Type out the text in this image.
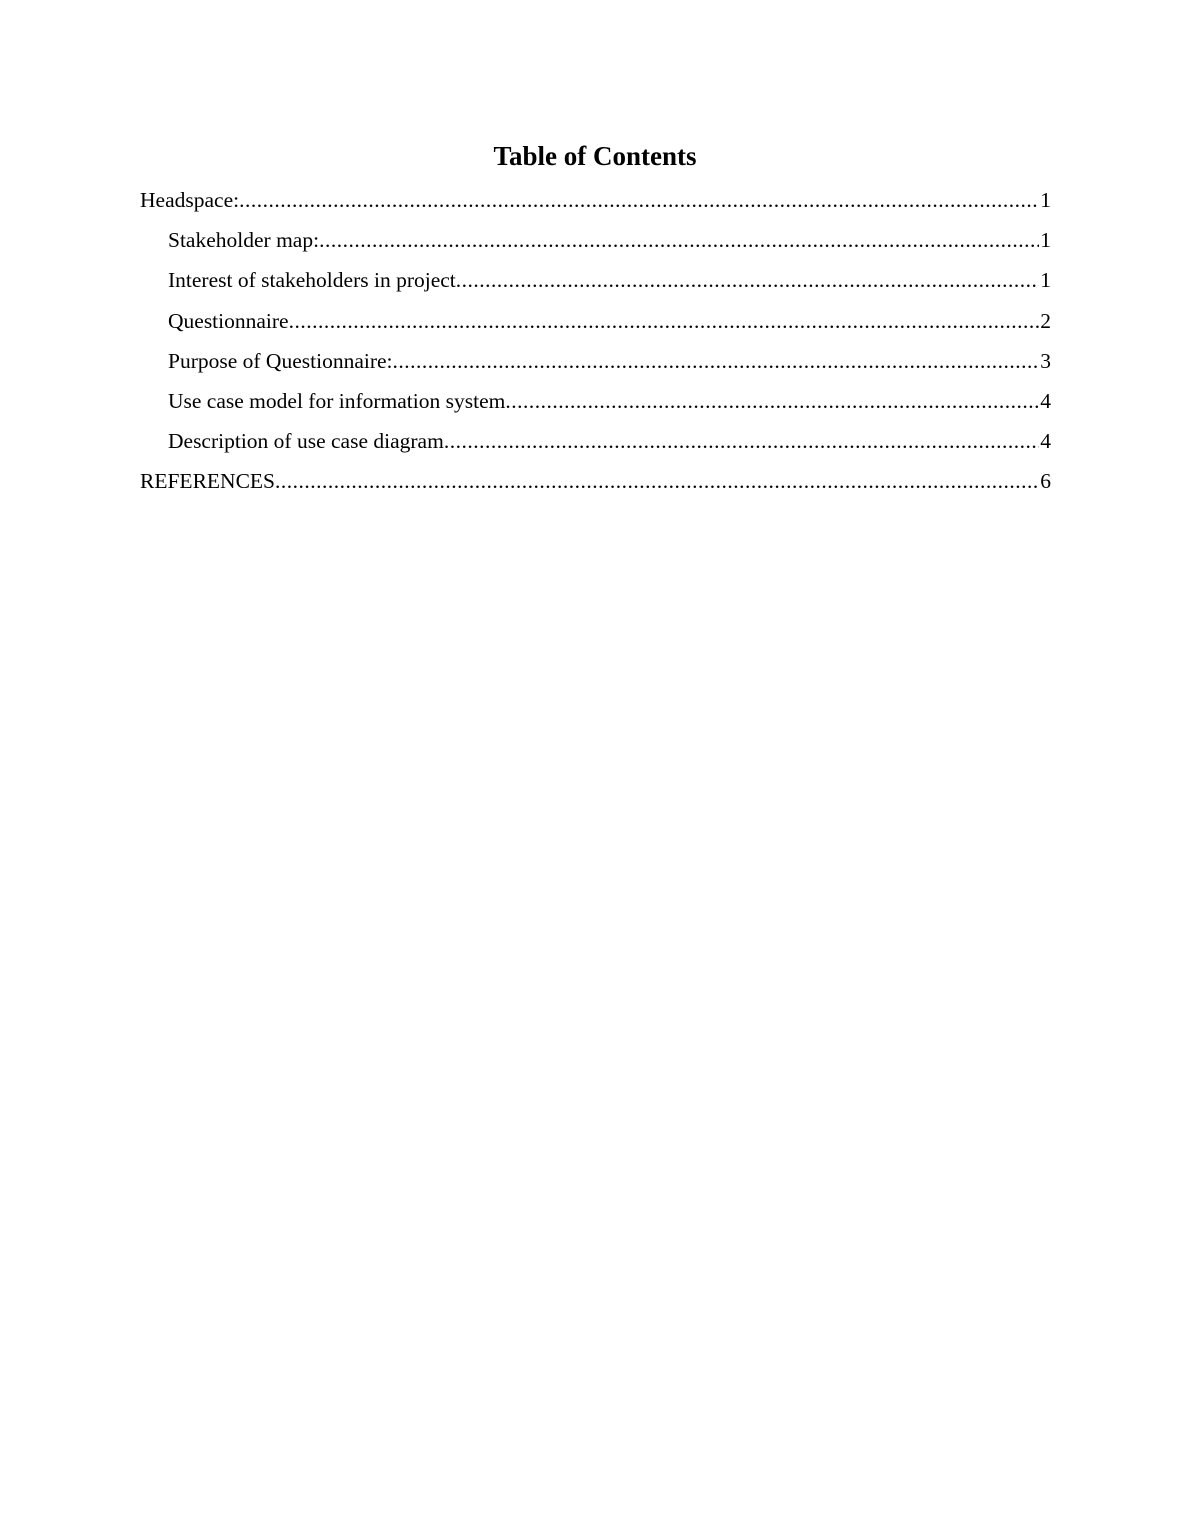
Table of Contents
Headspace: .....	1
Stakeholder map: .....	1
Interest of stakeholders in project .....	1
Questionnaire .....	2
Purpose of Questionnaire: .....	3
Use case model for information system .....	4
Description of use case diagram .....	4
REFERENCES .....	6
